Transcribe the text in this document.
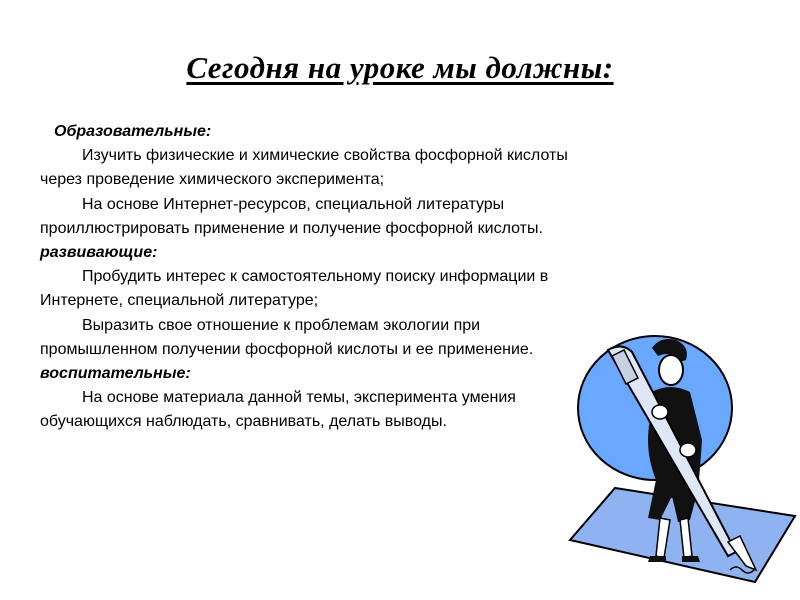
Сегодня на уроке мы должны:

Образовательные:

Изучить физические и химические свойства фосфорной кислоты через проведение химического эксперимента;

На основе Интернет-ресурсов, специальной литературы проиллюстрировать применение и получение фосфорной кислоты.

развивающие:

Пробудить интерес к самостоятельному поиску информации в Интернете, специальной литературе;

Выразить свое отношение к проблемам экологии при промышленном получении фосфорной кислоты и ее применение.

воспитательные:

На основе материала данной темы, эксперимента умения обучающихся наблюдать, сравнивать, делать выводы.
